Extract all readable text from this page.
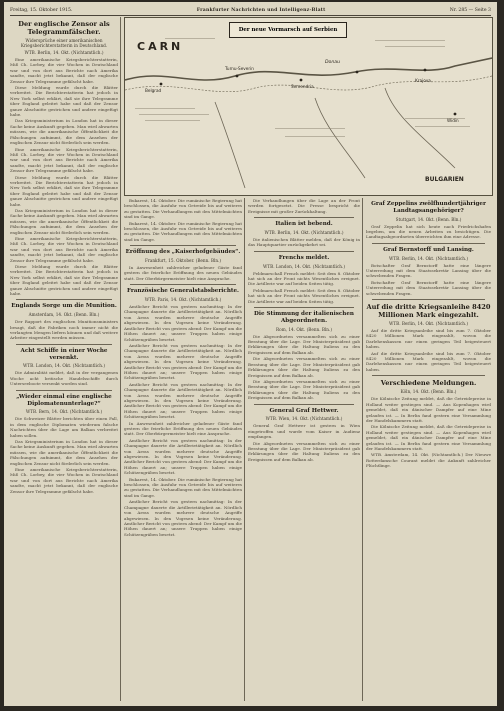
Freitag, 15. Oktober 1915.	Frankfurter Nachrichten und Intelligenz-Blatt	Nr. 285 — Seite 3
Der neue Vormarsch auf Serbien
CARN
BULGARIEN
Krajova
Turnu-Severin
Belgrad
Semendria
Widin
Donau
Der englische Zensor als Telegrammfälscher.
Widersprüche einer amerikanischen Kriegsberichterstatterin in Deutschland.
WTB. Berlin, 14. Okt. (Nichtamtlich.)

Eine amerikanische Kriegsberichterstatterin, Miß Ch. Lorbey, die vier Wochen in Deutschland war und von dort aus Berichte nach Amerika sandte, macht jetzt bekannt, daß der englische Zensor ihre Telegramme gefälscht habe.

Diese Meldung wurde durch die Blätter verbreitet. Die Berichterstatterin hat jedoch in New York selbst erklärt, daß sie ihre Telegramme über England geleitet habe und daß der Zensor ganze Abschnitte gestrichen und andere eingefügt habe.

Das Kriegsministerium in London hat in dieser Sache keine Auskunft gegeben. Man wird abwarten müssen, wie die amerikanische Öffentlichkeit die Fälschungen aufnimmt, die dem Ansehen der englischen Zensur nicht förderlich sein werden.

Eine amerikanische Kriegsberichterstatterin, Miß Ch. Lorbey, die vier Wochen in Deutschland war und von dort aus Berichte nach Amerika sandte, macht jetzt bekannt, daß der englische Zensor ihre Telegramme gefälscht habe.

Diese Meldung wurde durch die Blätter verbreitet. Die Berichterstatterin hat jedoch in New York selbst erklärt, daß sie ihre Telegramme über England geleitet habe und daß der Zensor ganze Abschnitte gestrichen und andere eingefügt habe.

Das Kriegsministerium in London hat in dieser Sache keine Auskunft gegeben. Man wird abwarten müssen, wie die amerikanische Öffentlichkeit die Fälschungen aufnimmt, die dem Ansehen der englischen Zensur nicht förderlich sein werden.

Eine amerikanische Kriegsberichterstatterin, Miß Ch. Lorbey, die vier Wochen in Deutschland war und von dort aus Berichte nach Amerika sandte, macht jetzt bekannt, daß der englische Zensor ihre Telegramme gefälscht habe.

Diese Meldung wurde durch die Blätter verbreitet. Die Berichterstatterin hat jedoch in New York selbst erklärt, daß sie ihre Telegramme über England geleitet habe und daß der Zensor ganze Abschnitte gestrichen und andere eingefügt habe.

Englands Sorge um die Munition.
Amsterdam, 14. Okt. (Benn. Bln.)

Der Rapport des englischen Munitionsministers besagt, daß die Fabriken noch immer nicht die verlangten Mengen liefern können und daß weitere Arbeiter eingestellt werden müssen.

Acht Schiffe in einer Woche versenkt.
WTB. London, 14. Okt. (Nichtamtlich.)

Die Admiralität meldet, daß in der vergangenen Woche acht britische Handelsschiffe durch Unterseeboote versenkt worden sind.

„Wieder einmal eine englische Diplomatenunterlage?“
WTB. Bern, 14. Okt. (Nichtamtlich.)

Die Schweizer Blätter berichten über einen Fall, in dem englische Diplomaten wiederum falsche Nachrichten über die Lage am Balkan verbreitet haben sollen.

Das Kriegsministerium in London hat in dieser Sache keine Auskunft gegeben. Man wird abwarten müssen, wie die amerikanische Öffentlichkeit die Fälschungen aufnimmt, die dem Ansehen der englischen Zensur nicht förderlich sein werden.

Eine amerikanische Kriegsberichterstatterin, Miß Ch. Lorbey, die vier Wochen in Deutschland war und von dort aus Berichte nach Amerika sandte, macht jetzt bekannt, daß der englische Zensor ihre Telegramme gefälscht habe.

Bukarest, 14. Oktober. Die rumänische Regierung hat beschlossen, die Ausfuhr von Getreide bis auf weiteres zu gestatten. Die Verhandlungen mit den Mittelmächten sind im Gange.

Bukarest, 14. Oktober. Die rumänische Regierung hat beschlossen, die Ausfuhr von Getreide bis auf weiteres zu gestatten. Die Verhandlungen mit den Mittelmächten sind im Gange.

Eröffnung des „Kaiserhofgebäudes“.
Frankfurt, 15. Oktober. (Benn. Bln.)

In Anwesenheit zahlreicher geladener Gäste fand gestern die feierliche Eröffnung des neuen Gebäudes statt. Der Oberbürgermeister hielt eine Ansprache.

Französische Generalstabsberichte.
WTB. Paris, 14. Okt. (Nichtamtlich.)

Amtlicher Bericht von gestern nachmittag: In der Champagne dauerte die Artillerietätigkeit an. Nördlich von Arras wurden mehrere deutsche Angriffe abgewiesen. In den Vogesen keine Veränderung. Amtlicher Bericht von gestern abend: Der Kampf um die Höhen dauert an; unsere Truppen haben einige Schützengräben besetzt.

Amtlicher Bericht von gestern nachmittag: In der Champagne dauerte die Artillerietätigkeit an. Nördlich von Arras wurden mehrere deutsche Angriffe abgewiesen. In den Vogesen keine Veränderung. Amtlicher Bericht von gestern abend: Der Kampf um die Höhen dauert an; unsere Truppen haben einige Schützengräben besetzt.

Amtlicher Bericht von gestern nachmittag: In der Champagne dauerte die Artillerietätigkeit an. Nördlich von Arras wurden mehrere deutsche Angriffe abgewiesen. In den Vogesen keine Veränderung. Amtlicher Bericht von gestern abend: Der Kampf um die Höhen dauert an; unsere Truppen haben einige Schützengräben besetzt.

In Anwesenheit zahlreicher geladener Gäste fand gestern die feierliche Eröffnung des neuen Gebäudes statt. Der Oberbürgermeister hielt eine Ansprache.

Amtlicher Bericht von gestern nachmittag: In der Champagne dauerte die Artillerietätigkeit an. Nördlich von Arras wurden mehrere deutsche Angriffe abgewiesen. In den Vogesen keine Veränderung. Amtlicher Bericht von gestern abend: Der Kampf um die Höhen dauert an; unsere Truppen haben einige Schützengräben besetzt.

Bukarest, 14. Oktober. Die rumänische Regierung hat beschlossen, die Ausfuhr von Getreide bis auf weiteres zu gestatten. Die Verhandlungen mit den Mittelmächten sind im Gange.

Amtlicher Bericht von gestern nachmittag: In der Champagne dauerte die Artillerietätigkeit an. Nördlich von Arras wurden mehrere deutsche Angriffe abgewiesen. In den Vogesen keine Veränderung. Amtlicher Bericht von gestern abend: Der Kampf um die Höhen dauert an; unsere Truppen haben einige Schützengräben besetzt.

Die Verhandlungen über die Lage an der Front werden fortgesetzt. Die Presse bespricht die Ereignisse mit großer Zurückhaltung.

Italien ist bebend.
WTB. Berlin, 14. Okt. (Nichtamtlich.)

Die italienischen Blätter melden, daß der König in das Hauptquartier zurückgekehrt sei.

Frenchs meldet.
WTB. London, 14. Okt. (Nichtamtlich.)

Feldmarschall French meldet: Seit dem 8. Oktober hat sich an der Front nichts Wesentliches ereignet. Die Artillerie war auf beiden Seiten tätig.

Feldmarschall French meldet: Seit dem 8. Oktober hat sich an der Front nichts Wesentliches ereignet. Die Artillerie war auf beiden Seiten tätig.

Die Stimmung der italienischen Abgeordneten.
Rom, 14. Okt. (Benn. Bln.)

Die Abgeordneten versammelten sich zu einer Beratung über die Lage. Der Ministerpräsident gab Erklärungen über die Haltung Italiens zu den Ereignissen auf dem Balkan ab.

Die Abgeordneten versammelten sich zu einer Beratung über die Lage. Der Ministerpräsident gab Erklärungen über die Haltung Italiens zu den Ereignissen auf dem Balkan ab.

Die Abgeordneten versammelten sich zu einer Beratung über die Lage. Der Ministerpräsident gab Erklärungen über die Haltung Italiens zu den Ereignissen auf dem Balkan ab.

General Graf Hettwer.
WTB. Wien, 14. Okt. (Nichtamtlich.)

General Graf Hettwer ist gestern in Wien eingetroffen und wurde vom Kaiser in Audienz empfangen.

Die Abgeordneten versammelten sich zu einer Beratung über die Lage. Der Ministerpräsident gab Erklärungen über die Haltung Italiens zu den Ereignissen auf dem Balkan ab.

Graf Zeppelins zwölfhundertjähriger Landtagsangehöriger?
Stuttgart, 14. Okt. (Benn. Bln.)

Graf Zeppelin hat sich heute nach Friedrichshafen begeben, um die neuen Arbeiten zu besichtigen. Die Landtagsabgeordneten überreichten ihm eine Adresse.

Graf Bernstorff und Lansing.
WTB. Berlin, 14. Okt. (Nichtamtlich.)

Botschafter Graf Bernstorff hatte eine längere Unterredung mit dem Staatssekretär Lansing über die schwebenden Fragen.

Botschafter Graf Bernstorff hatte eine längere Unterredung mit dem Staatssekretär Lansing über die schwebenden Fragen.

Auf die dritte Kriegsanleihe 8420 Millionen Mark eingezahlt.
WTB. Berlin, 14. Okt. (Nichtamtlich.)

Auf die dritte Kriegsanleihe sind bis zum 7. Oktober 8420 Millionen Mark eingezahlt, wovon die Darlehenskassen nur einen geringen Teil beigesteuert haben.

Auf die dritte Kriegsanleihe sind bis zum 7. Oktober 8420 Millionen Mark eingezahlt, wovon die Darlehenskassen nur einen geringen Teil beigesteuert haben.

Verschiedene Meldungen.
Köln, 14. Okt. (Benn. Bln.)

Die Kölnische Zeitung meldet, daß die Getreidepreise in Holland weiter gestiegen sind. — Aus Kopenhagen wird gemeldet, daß ein dänischer Dampfer auf eine Mine gelaufen ist. — In Berlin fand gestern eine Versammlung der Handelskammern statt.

Die Kölnische Zeitung meldet, daß die Getreidepreise in Holland weiter gestiegen sind. — Aus Kopenhagen wird gemeldet, daß ein dänischer Dampfer auf eine Mine gelaufen ist. — In Berlin fand gestern eine Versammlung der Handelskammern statt.

WTB. Amsterdam, 14. Okt. (Nichtamtlich.) Der Nieuwe Rotterdamsche Courant meldet die Ankunft zahlreicher Flüchtlinge.
